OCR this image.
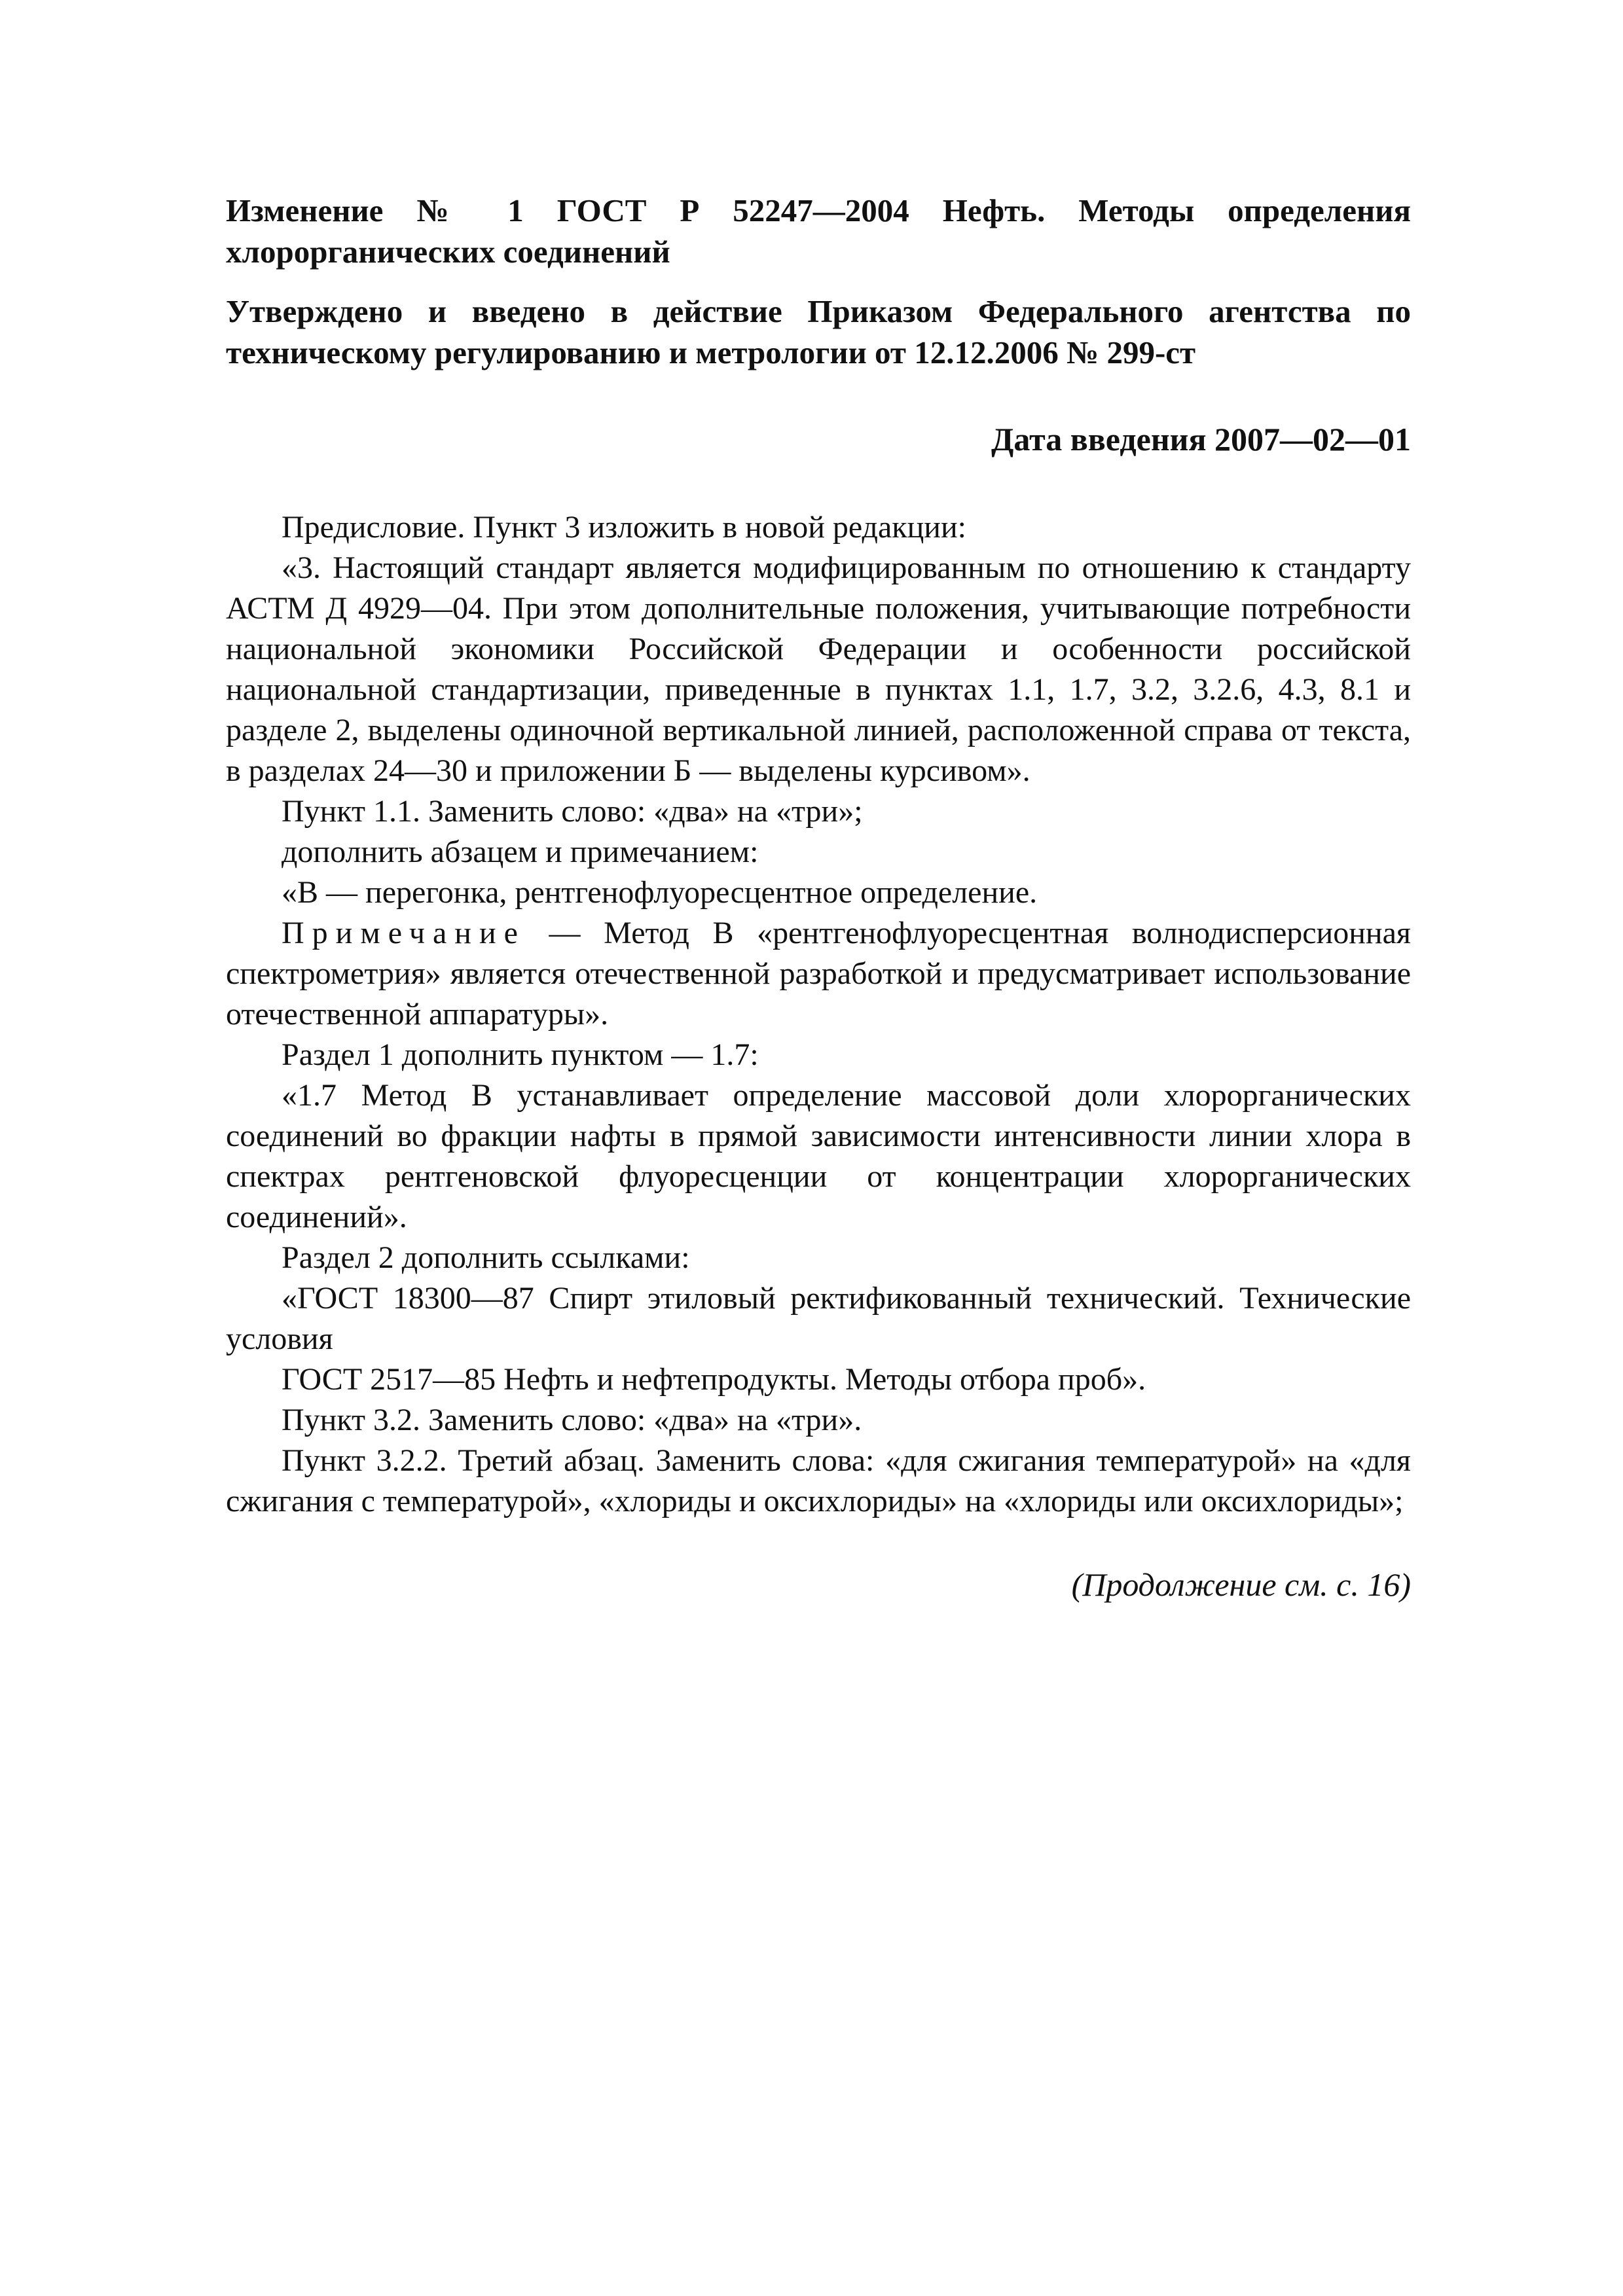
Изменение № 1 ГОСТ Р 52247—2004 Нефть. Методы определения хлорорганических соединений

Утверждено и введено в действие Приказом Федерального агентства по техническому регулированию и метрологии от 12.12.2006 № 299-ст

Дата введения 2007—02—01

Предисловие. Пункт 3 изложить в новой редакции:

«3. Настоящий стандарт является модифицированным по отношению к стандарту АСТМ Д 4929—04. При этом дополнительные положения, учитывающие потребности национальной экономики Российской Федерации и особенности российской национальной стандартизации, приведенные в пунктах 1.1, 1.7, 3.2, 3.2.6, 4.3, 8.1 и разделе 2, выделены одиночной вертикальной линией, расположенной справа от текста, в разделах 24—30 и приложении Б — выделены курсивом».

Пункт 1.1. Заменить слово: «два» на «три»;

дополнить абзацем и примечанием:

«В — перегонка, рентгенофлуоресцентное определение.

Примечание — Метод В «рентгенофлуоресцентная волнодисперсионная спектрометрия» является отечественной разработкой и предусматривает использование отечественной аппаратуры».

Раздел 1 дополнить пунктом — 1.7:

«1.7 Метод В устанавливает определение массовой доли хлорорганических соединений во фракции нафты в прямой зависимости интенсивности линии хлора в спектрах рентгеновской флуоресценции от концентрации хлорорганических соединений».

Раздел 2 дополнить ссылками:

«ГОСТ 18300—87 Спирт этиловый ректификованный технический. Технические условия

ГОСТ 2517—85 Нефть и нефтепродукты. Методы отбора проб».

Пункт 3.2. Заменить слово: «два» на «три».

Пункт 3.2.2. Третий абзац. Заменить слова: «для сжигания температурой» на «для сжигания с температурой», «хлориды и оксихлориды» на «хлориды или оксихлориды»;

(Продолжение см. с. 16)
